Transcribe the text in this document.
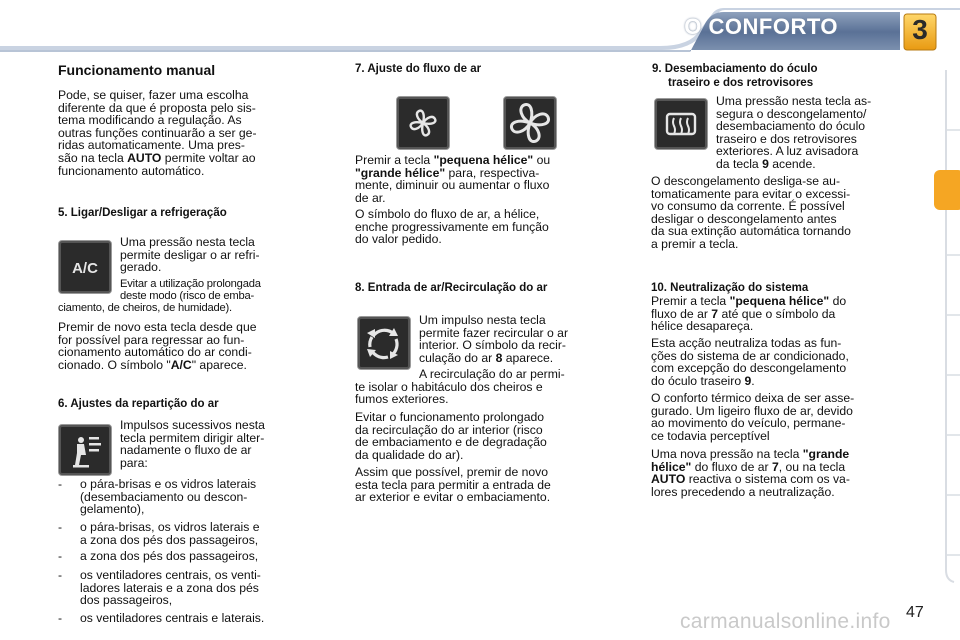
O CONFORTO	3
Funcionamento manual
Pode, se quiser, fazer uma escolha
diferente da que é proposta pelo sis-
tema modificando a regulação. As
outras funções continuarão a ser ge-
ridas automaticamente. Uma pres-
são na tecla AUTO permite voltar ao
funcionamento automático.
5. Ligar/Desligar a refrigeração
A/C
Uma pressão nesta tecla
permite desligar o ar refri-
gerado.
Evitar a utilização prolongada
deste modo (risco de emba-
ciamento, de cheiros, de humidade).
Premir de novo esta tecla desde que
for possível para regressar ao fun-
cionamento automático do ar condi-
cionado. O símbolo "A/C" aparece.
6. Ajustes da repartição do ar
Impulsos sucessivos nesta
tecla permitem dirigir alter-
nadamente o fluxo de ar
para:
- o pára-brisas e os vidros laterais
(desembaciamento ou descon-
gelamento),
- o pára-brisas, os vidros laterais e
a zona dos pés dos passageiros,
- a zona dos pés dos passageiros,
- os ventiladores centrais, os venti-
ladores laterais e a zona dos pés
dos passageiros,
- os ventiladores centrais e laterais.
7. Ajuste do fluxo de ar
Premir a tecla "pequena hélice" ou
"grande hélice" para, respectiva-
mente, diminuir ou aumentar o fluxo
de ar.
O símbolo do fluxo de ar, a hélice,
enche progressivamente em função
do valor pedido.
8. Entrada de ar/Recirculação do ar
Um impulso nesta tecla
permite fazer recircular o ar
interior. O símbolo da recir-
culação do ar 8 aparece.
A recirculação do ar permi-
te isolar o habitáculo dos cheiros e
fumos exteriores.
Evitar o funcionamento prolongado
da recirculação do ar interior (risco
de embaciamento e de degradação
da qualidade do ar).
Assim que possível, premir de novo
esta tecla para permitir a entrada de
ar exterior e evitar o embaciamento.
9. Desembaciamento do óculo
traseiro e dos retrovisores
Uma pressão nesta tecla as-
segura o descongelamento/
desembaciamento do óculo
traseiro e dos retrovisores
exteriores. A luz avisadora
da tecla 9 acende.
O descongelamento desliga-se au-
tomaticamente para evitar o excessi-
vo consumo da corrente. É possível
desligar o descongelamento antes
da sua extinção automática tornando
a premir a tecla.
10. Neutralização do sistema
Premir a tecla "pequena hélice" do
fluxo de ar 7 até que o símbolo da
hélice desapareça.
Esta acção neutraliza todas as fun-
ções do sistema de ar condicionado,
com excepção do descongelamento
do óculo traseiro 9.
O conforto térmico deixa de ser asse-
gurado. Um ligeiro fluxo de ar, devido
ao movimento do veículo, permane-
ce todavia perceptível
Uma nova pressão na tecla "grande
hélice" do fluxo de ar 7, ou na tecla
AUTO reactiva o sistema com os va-
lores precedendo a neutralização.
carmanualsonline.info 47
